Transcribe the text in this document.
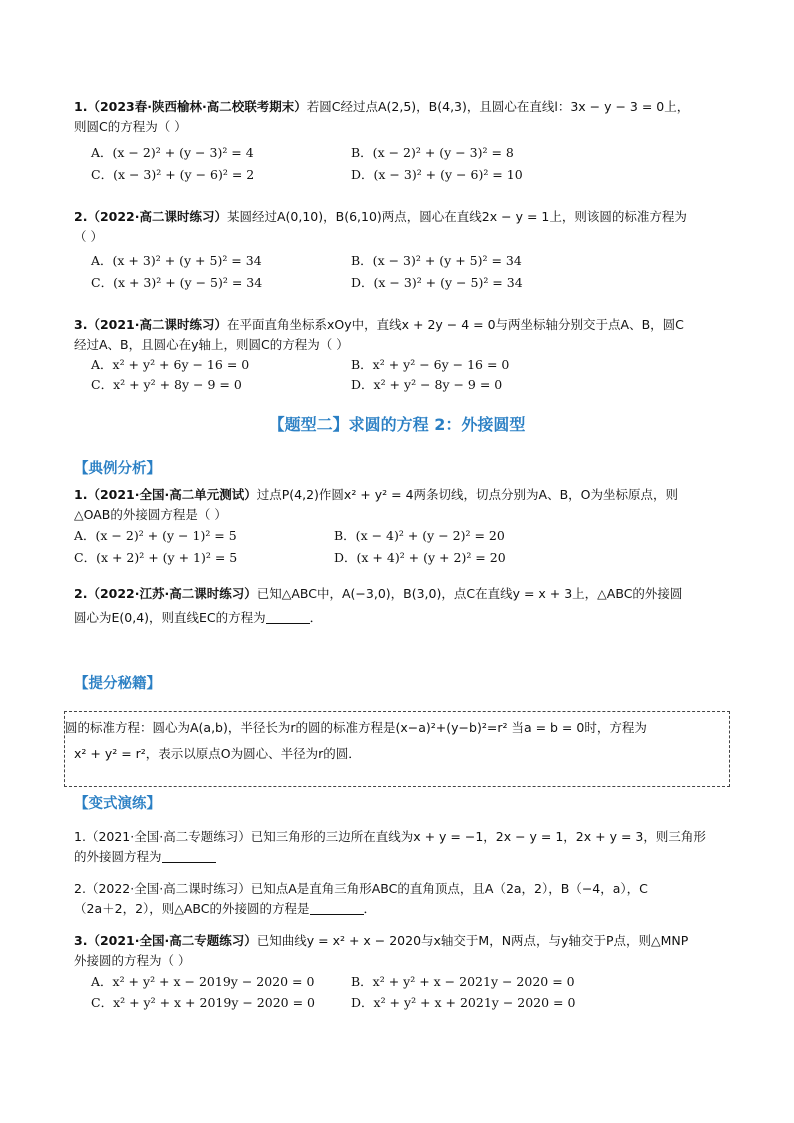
1.（2023春·陕西榆林·高二校联考期末）若圆C经过点A(2,5)，B(4,3)，且圆心在直线l：3x − y − 3 = 0上，

则圆C的方程为（ ）

A．(x − 2)² + (y − 3)² = 4	B．(x − 2)² + (y − 3)² = 8
C．(x − 3)² + (y − 6)² = 2	D．(x − 3)² + (y − 6)² = 10

2.（2022·高二课时练习）某圆经过A(0,10)，B(6,10)两点，圆心在直线2x − y = 1上，则该圆的标准方程为

（ ）

A．(x + 3)² + (y + 5)² = 34	B．(x − 3)² + (y + 5)² = 34
C．(x + 3)² + (y − 5)² = 34	D．(x − 3)² + (y − 5)² = 34

3.（2021·高二课时练习）在平面直角坐标系xOy中，直线x + 2y − 4 = 0与两坐标轴分别交于点A、B，圆C

经过A、B，且圆心在y轴上，则圆C的方程为（ ）

A．x² + y² + 6y − 16 = 0	B．x² + y² − 6y − 16 = 0
C．x² + y² + 8y − 9 = 0	D．x² + y² − 8y − 9 = 0
【题型二】求圆的方程 2：外接圆型
【典例分析】

1.（2021·全国·高二单元测试）过点P(4,2)作圆x² + y² = 4两条切线，切点分别为A、B，O为坐标原点，则

△OAB的外接圆方程是（ ）

A．(x − 2)² + (y − 1)² = 5	B．(x − 4)² + (y − 2)² = 20
C．(x + 2)² + (y + 1)² = 5	D．(x + 4)² + (y + 2)² = 20

2.（2022·江苏·高二课时练习）已知△ABC中，A(−3,0)，B(3,0)，点C在直线y = x + 3上，△ABC的外接圆

圆心为E(0,4)，则直线EC的方程为	．

【提分秘籍】

圆的标准方程：圆心为A(a,b)，半径长为r的圆的标准方程是(x−a)²+(y−b)²=r² 当a = b = 0时，方程为

x² + y² = r²，表示以原点O为圆心、半径为r的圆．

【变式演练】

1.（2021·全国·高二专题练习）已知三角形的三边所在直线为x + y = −1，2x − y = 1，2x + y = 3，则三角形

的外接圆方程为

2.（2022·全国·高二课时练习）已知点A是直角三角形ABC的直角顶点，且A（2a，2），B（−4，a），C

（2a＋2，2），则△ABC的外接圆的方程是	．

3.（2021·全国·高二专题练习）已知曲线y = x² + x − 2020与x轴交于M，N两点，与y轴交于P点，则△MNP

外接圆的方程为（ ）

A．x² + y² + x − 2019y − 2020 = 0	B．x² + y² + x − 2021y − 2020 = 0
C．x² + y² + x + 2019y − 2020 = 0	D．x² + y² + x + 2021y − 2020 = 0
